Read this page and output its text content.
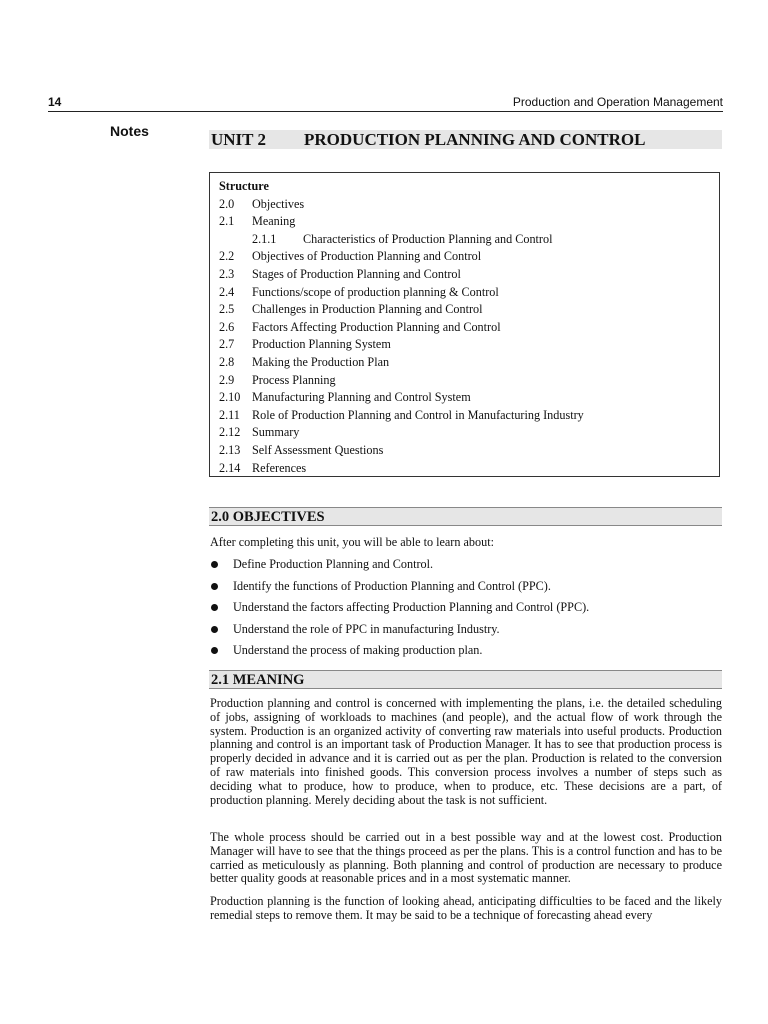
14	Production and Operation Management
Notes	UNIT 2 PRODUCTION PLANNING AND CONTROL
Structure
2.0 Objectives
2.1 Meaning
2.1.1 Characteristics of Production Planning and Control
2.2 Objectives of Production Planning and Control
2.3 Stages of Production Planning and Control
2.4 Functions/scope of production planning & Control
2.5 Challenges in Production Planning and Control
2.6 Factors Affecting Production Planning and Control
2.7 Production Planning System
2.8 Making the Production Plan
2.9 Process Planning
2.10 Manufacturing Planning and Control System
2.11 Role of Production Planning and Control in Manufacturing Industry
2.12 Summary
2.13 Self Assessment Questions
2.14 References
2.0 OBJECTIVES
After completing this unit, you will be able to learn about:
Define Production Planning and Control.
Identify the functions of Production Planning and Control (PPC).
Understand the factors affecting Production Planning and Control (PPC).
Understand the role of PPC in manufacturing Industry.
Understand the process of making production plan.
2.1 MEANING

Production planning and control is concerned with implementing the plans, i.e. the detailed scheduling of jobs, assigning of workloads to machines (and people), and the actual flow of work through the system. Production is an organized activity of converting raw materials into useful products. Production planning and control is an important task of Production Manager. It has to see that production process is properly decided in advance and it is carried out as per the plan. Production is related to the conversion of raw materials into finished goods. This conversion process involves a number of steps such as deciding what to produce, how to produce, when to produce, etc. These decisions are a part, of production planning. Merely deciding about the task is not sufficient.

The whole process should be carried out in a best possible way and at the lowest cost. Production Manager will have to see that the things proceed as per the plans. This is a control function and has to be carried as meticulously as planning. Both planning and control of production are necessary to produce better quality goods at reasonable prices and in a most systematic manner.

Production planning is the function of looking ahead, anticipating difficulties to be faced and the likely remedial steps to remove them. It may be said to be a technique of forecasting ahead every
